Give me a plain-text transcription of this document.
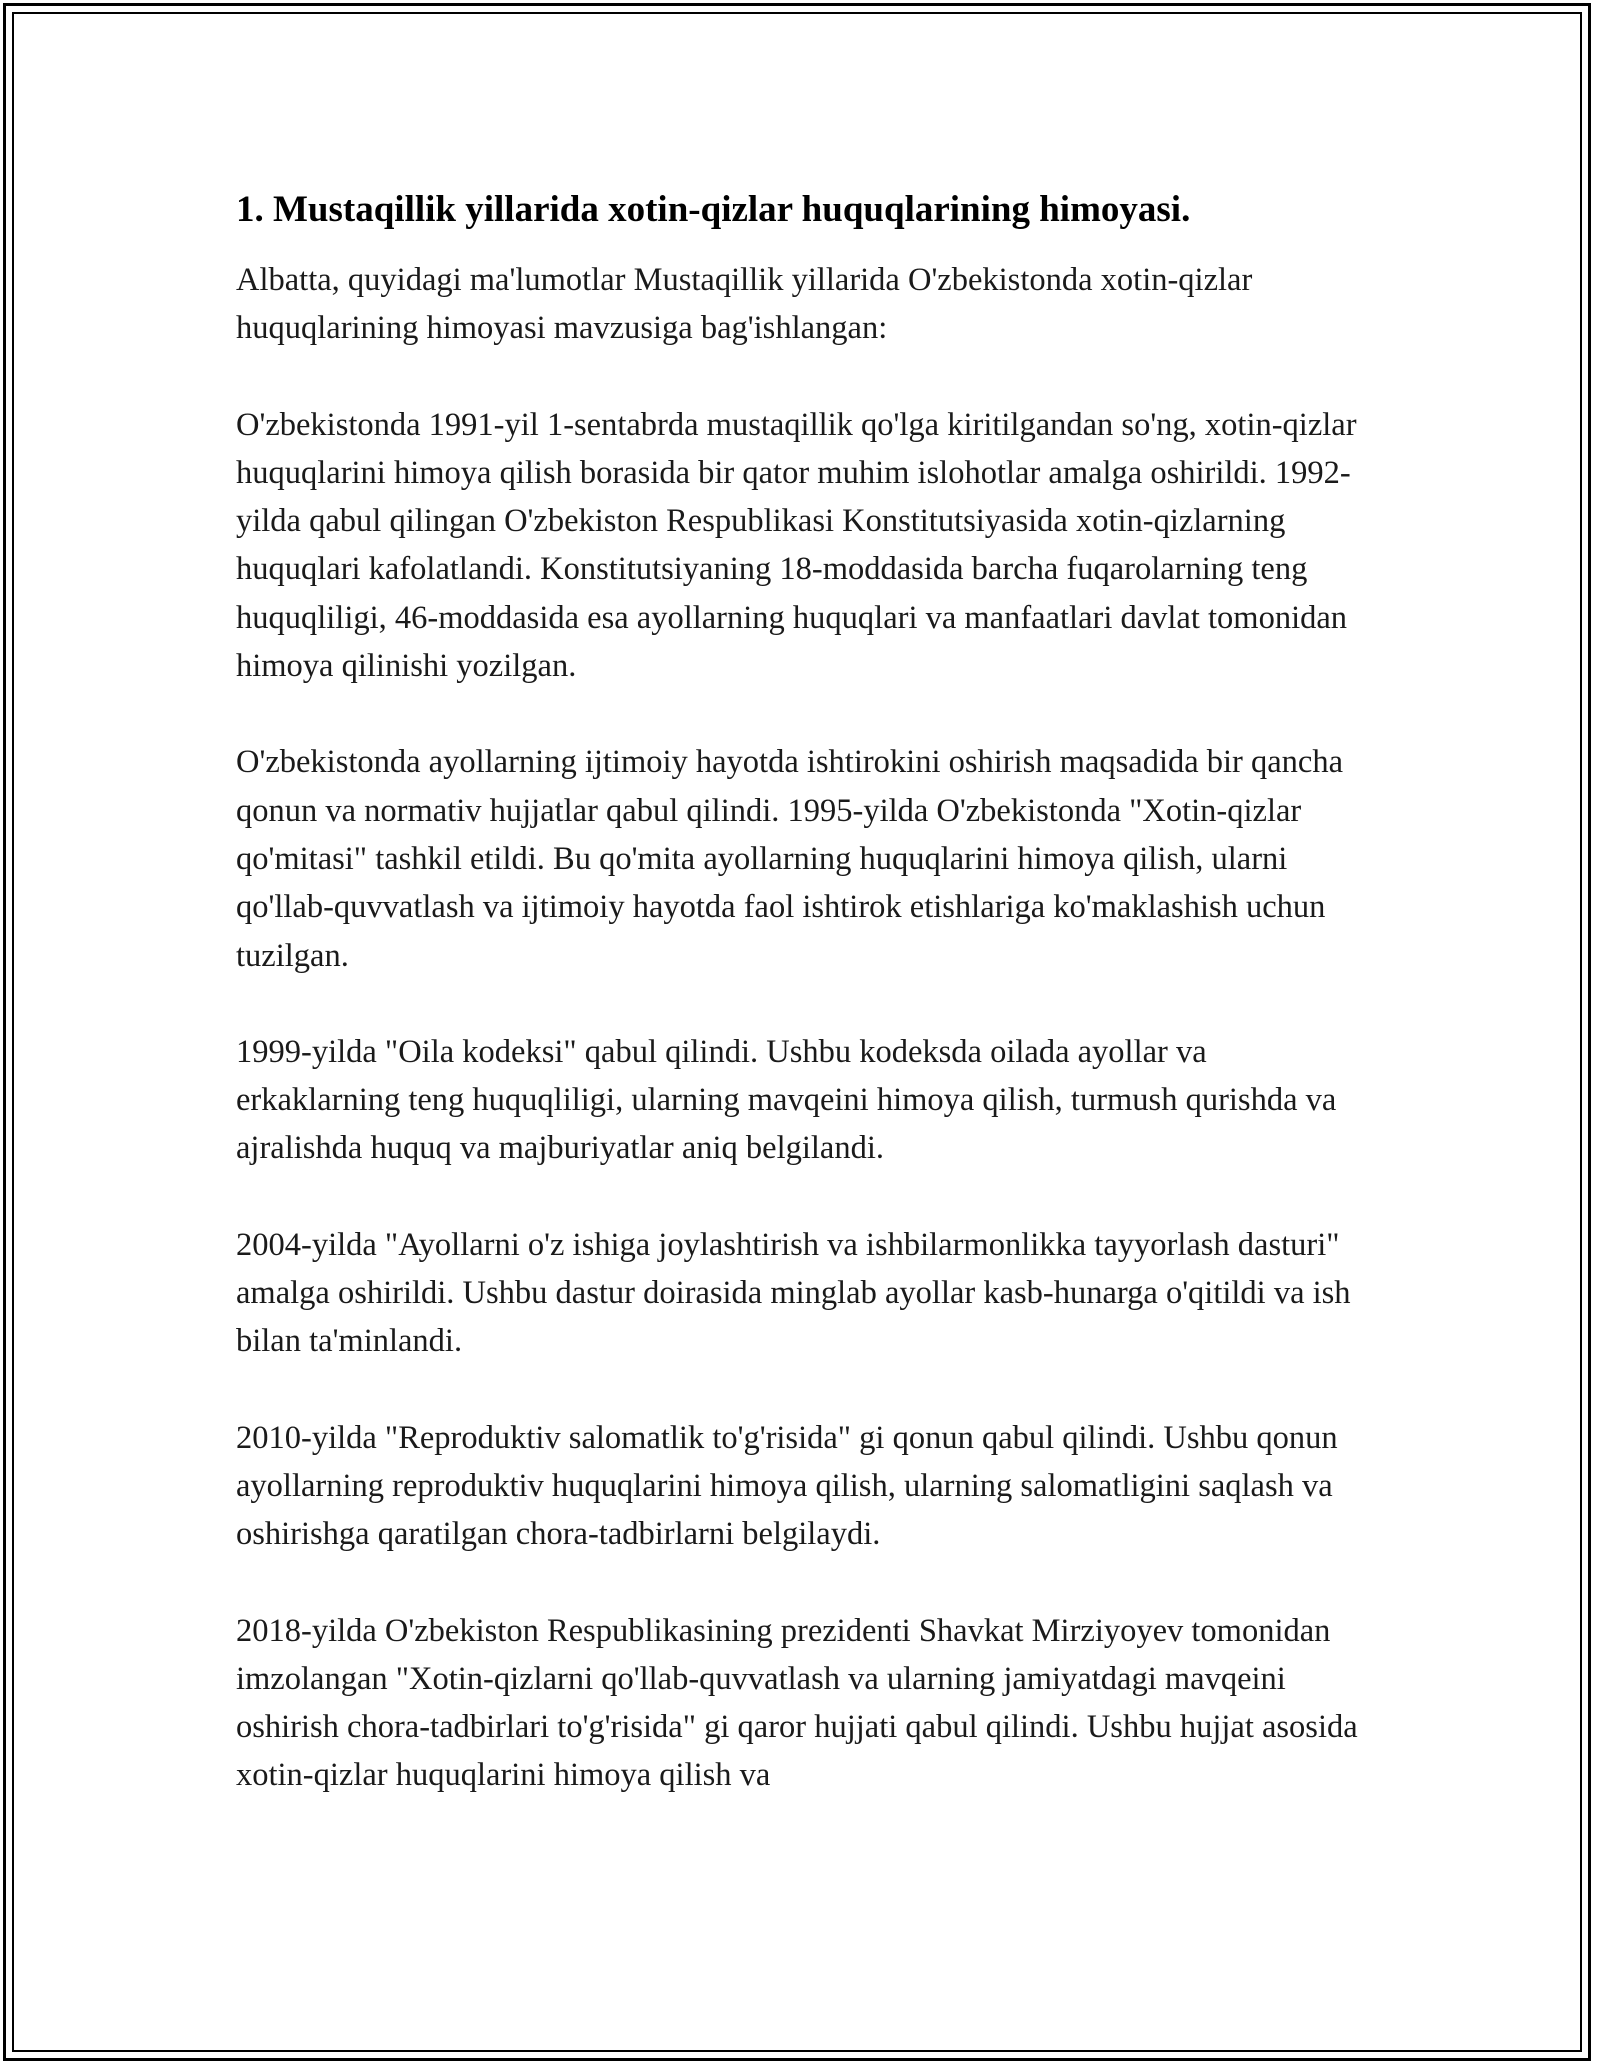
1. Mustaqillik yillarida xotin-qizlar huquqlarining himoyasi.

Albatta, quyidagi ma'lumotlar Mustaqillik yillarida O'zbekistonda xotin-qizlar huquqlarining himoyasi mavzusiga bag'ishlangan:

O'zbekistonda 1991-yil 1-sentabrda mustaqillik qo'lga kiritilgandan so'ng, xotin-qizlar huquqlarini himoya qilish borasida bir qator muhim islohotlar amalga oshirildi. 1992-yilda qabul qilingan O'zbekiston Respublikasi Konstitutsiyasida xotin-qizlarning huquqlari kafolatlandi. Konstitutsiyaning 18-moddasida barcha fuqarolarning teng huquqliligi, 46-moddasida esa ayollarning huquqlari va manfaatlari davlat tomonidan himoya qilinishi yozilgan.

O'zbekistonda ayollarning ijtimoiy hayotda ishtirokini oshirish maqsadida bir qancha qonun va normativ hujjatlar qabul qilindi. 1995-yilda O'zbekistonda "Xotin-qizlar qo'mitasi" tashkil etildi. Bu qo'mita ayollarning huquqlarini himoya qilish, ularni qo'llab-quvvatlash va ijtimoiy hayotda faol ishtirok etishlariga ko'maklashish uchun tuzilgan.

1999-yilda "Oila kodeksi" qabul qilindi. Ushbu kodeksda oilada ayollar va erkaklarning teng huquqliligi, ularning mavqeini himoya qilish, turmush qurishda va ajralishda huquq va majburiyatlar aniq belgilandi.

2004-yilda "Ayollarni o'z ishiga joylashtirish va ishbilarmonlikka tayyorlash dasturi" amalga oshirildi. Ushbu dastur doirasida minglab ayollar kasb-hunarga o'qitildi va ish bilan ta'minlandi.

2010-yilda "Reproduktiv salomatlik to'g'risida" gi qonun qabul qilindi. Ushbu qonun ayollarning reproduktiv huquqlarini himoya qilish, ularning salomatligini saqlash va oshirishga qaratilgan chora-tadbirlarni belgilaydi.

2018-yilda O'zbekiston Respublikasining prezidenti Shavkat Mirziyoyev tomonidan imzolangan "Xotin-qizlarni qo'llab-quvvatlash va ularning jamiyatdagi mavqeini oshirish chora-tadbirlari to'g'risida" gi qaror hujjati qabul qilindi. Ushbu hujjat asosida xotin-qizlar huquqlarini himoya qilish va
